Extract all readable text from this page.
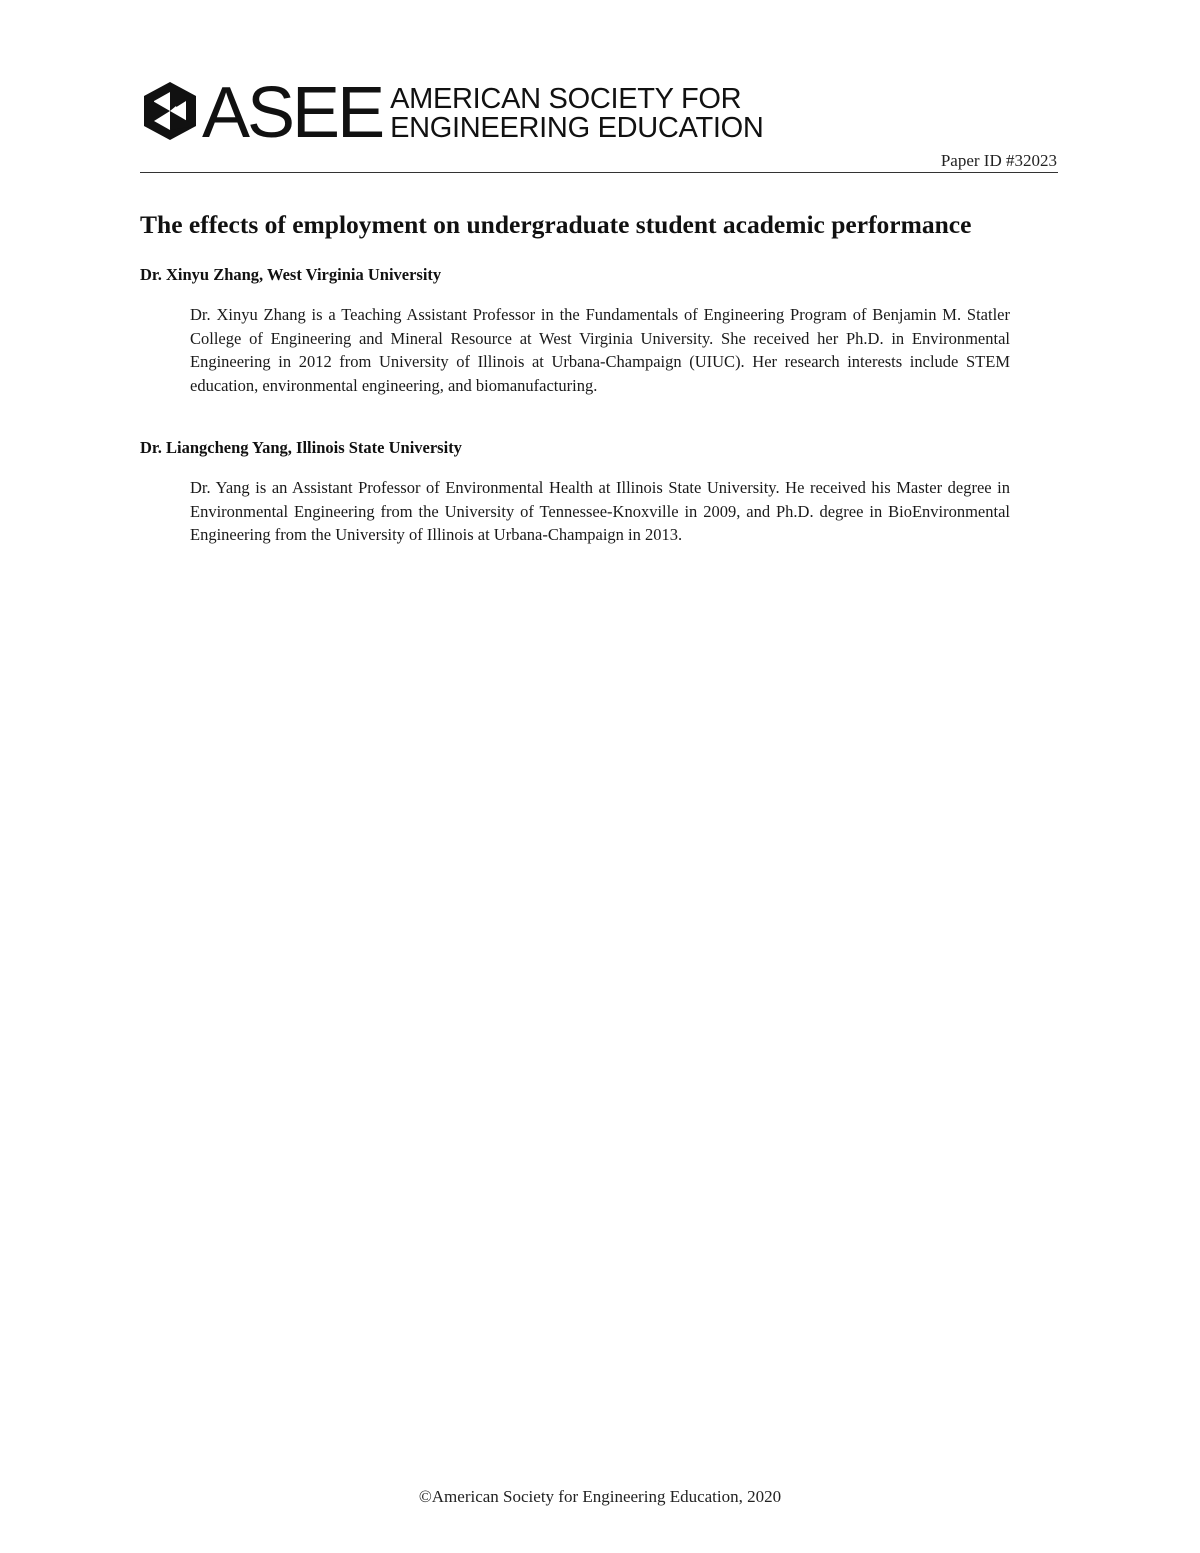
ASEE AMERICAN SOCIETY FOR
ENGINEERING EDUCATION
Paper ID #32023
The effects of employment on undergraduate student academic performance

Dr. Xinyu Zhang, West Virginia University

Dr. Xinyu Zhang is a Teaching Assistant Professor in the Fundamentals of Engineering Program of Benjamin M. Statler College of Engineering and Mineral Resource at West Virginia University. She received her Ph.D. in Environmental Engineering in 2012 from University of Illinois at Urbana-Champaign (UIUC). Her research interests include STEM education, environmental engineering, and biomanufacturing.

Dr. Liangcheng Yang, Illinois State University

Dr. Yang is an Assistant Professor of Environmental Health at Illinois State University. He received his Master degree in Environmental Engineering from the University of Tennessee-Knoxville in 2009, and Ph.D. degree in BioEnvironmental Engineering from the University of Illinois at Urbana-Champaign in 2013.

©American Society for Engineering Education, 2020
